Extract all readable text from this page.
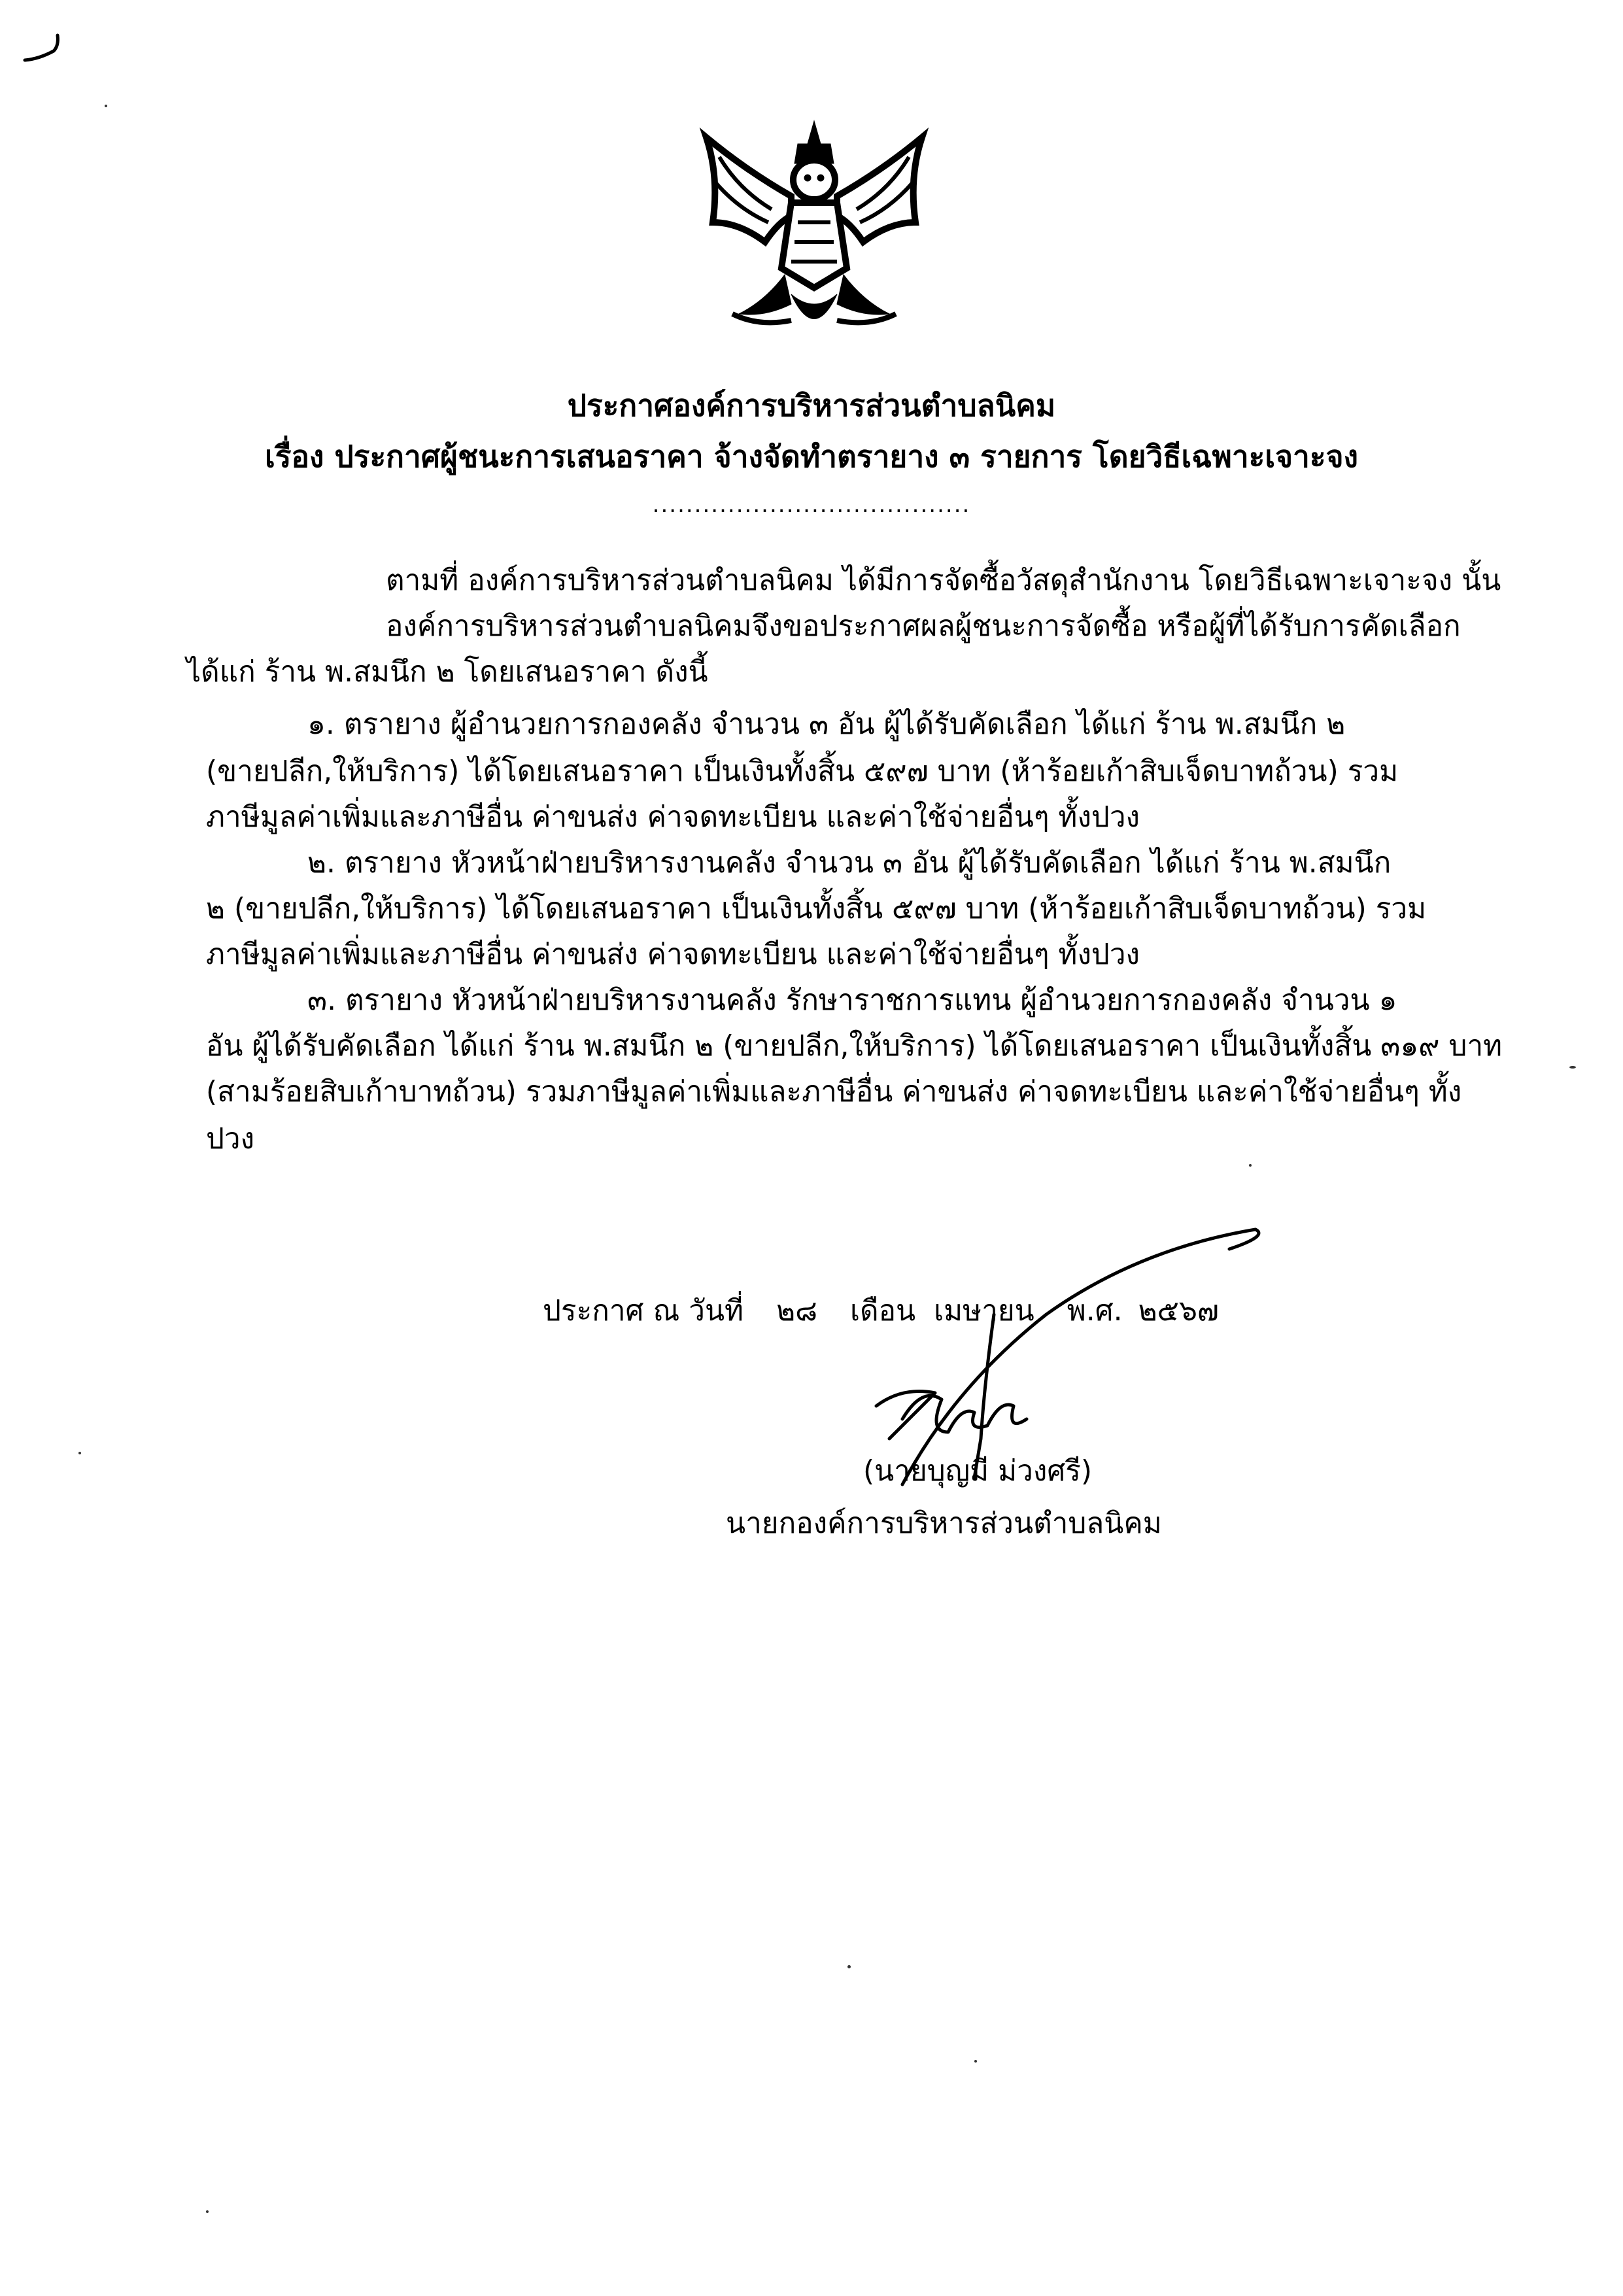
ประกาศองค์การบริหารส่วนตำบลนิคม
เรื่อง ประกาศผู้ชนะการเสนอราคา จ้างจัดทำตรายาง ๓ รายการ โดยวิธีเฉพาะเจาะจง
......................................
ตามที่ องค์การบริหารส่วนตำบลนิคม ได้มีการจัดซื้อวัสดุสำนักงาน โดยวิธีเฉพาะเจาะจง นั้น
องค์การบริหารส่วนตำบลนิคมจึงขอประกาศผลผู้ชนะการจัดซื้อ หรือผู้ที่ได้รับการคัดเลือก
ได้แก่ ร้าน พ.สมนึก ๒ โดยเสนอราคา ดังนี้
๑. ตรายาง ผู้อำนวยการกองคลัง จำนวน ๓ อัน ผู้ได้รับคัดเลือก ได้แก่ ร้าน พ.สมนึก ๒
(ขายปลีก,ให้บริการ) ได้โดยเสนอราคา เป็นเงินทั้งสิ้น ๕๙๗ บาท (ห้าร้อยเก้าสิบเจ็ดบาทถ้วน) รวม
ภาษีมูลค่าเพิ่มและภาษีอื่น ค่าขนส่ง ค่าจดทะเบียน และค่าใช้จ่ายอื่นๆ ทั้งปวง
๒. ตรายาง หัวหน้าฝ่ายบริหารงานคลัง จำนวน ๓ อัน ผู้ได้รับคัดเลือก ได้แก่ ร้าน พ.สมนึก
๒ (ขายปลีก,ให้บริการ) ได้โดยเสนอราคา เป็นเงินทั้งสิ้น ๕๙๗ บาท (ห้าร้อยเก้าสิบเจ็ดบาทถ้วน) รวม
ภาษีมูลค่าเพิ่มและภาษีอื่น ค่าขนส่ง ค่าจดทะเบียน และค่าใช้จ่ายอื่นๆ ทั้งปวง
๓. ตรายาง หัวหน้าฝ่ายบริหารงานคลัง รักษาราชการแทน ผู้อำนวยการกองคลัง จำนวน ๑
อัน ผู้ได้รับคัดเลือก ได้แก่ ร้าน พ.สมนึก ๒ (ขายปลีก,ให้บริการ) ได้โดยเสนอราคา เป็นเงินทั้งสิ้น ๓๑๙ บาท
(สามร้อยสิบเก้าบาทถ้วน) รวมภาษีมูลค่าเพิ่มและภาษีอื่น ค่าขนส่ง ค่าจดทะเบียน และค่าใช้จ่ายอื่นๆ ทั้ง
ปวง
ประกาศ ณ วันที่ ๒๘ เดือน เมษายน พ.ศ. ๒๕๖๗
(นายบุญมี ม่วงศรี)
นายกองค์การบริหารส่วนตำบลนิคม
